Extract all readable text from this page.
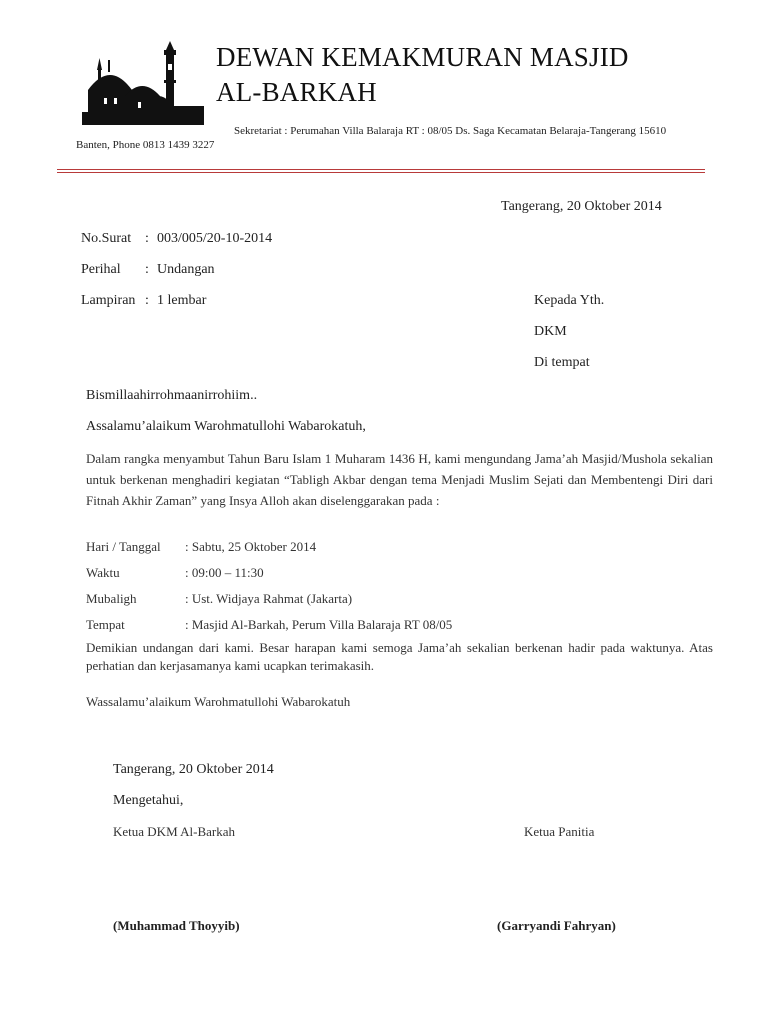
DEWAN KEMAKMURAN MASJID
AL-BARKAH
Sekretariat : Perumahan Villa Balaraja RT : 08/05 Ds. Saga Kecamatan Belaraja-Tangerang 15610
Banten, Phone 0813 1439 3227
Tangerang, 20 Oktober 2014
No.Surat : 003/005/20-10-2014
Perihal : Undangan
Lampiran : 1 lembar	Kepada Yth.
DKM
Di tempat
Bismillaahirrohmaanirrohiim..
Assalamu’alaikum Warohmatullohi Wabarokatuh,
Dalam rangka menyambut Tahun Baru Islam 1 Muharam 1436 H, kami mengundang Jama’ah Masjid/Mushola sekalian untuk berkenan menghadiri kegiatan “Tabligh Akbar dengan tema Menjadi Muslim Sejati dan Membentengi Diri dari Fitnah Akhir Zaman” yang Insya Alloh akan diselenggarakan pada :
Hari / Tanggal : Sabtu, 25 Oktober 2014
Waktu	: 09:00 – 11:30
Mubaligh	: Ust. Widjaya Rahmat (Jakarta)
Tempat	: Masjid Al-Barkah, Perum Villa Balaraja RT 08/05
Demikian undangan dari kami. Besar harapan kami semoga Jama’ah sekalian berkenan hadir pada waktunya. Atas perhatian dan kerjasamanya kami ucapkan terimakasih.
Wassalamu’alaikum Warohmatullohi Wabarokatuh
Tangerang, 20 Oktober 2014
Mengetahui,
Ketua DKM Al-Barkah	Ketua Panitia
(Muhammad Thoyyib)	(Garryandi Fahryan)
